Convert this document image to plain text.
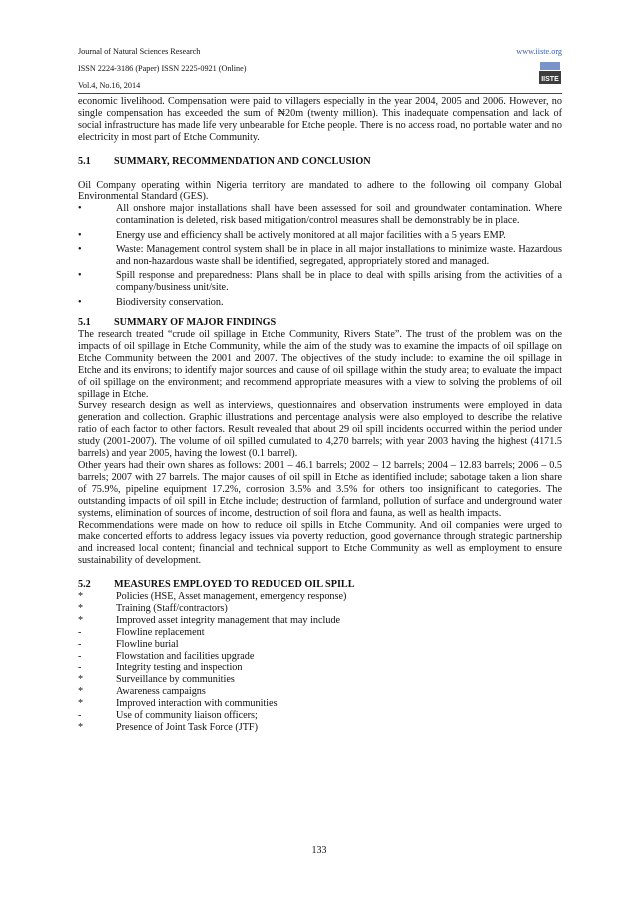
Journal of Natural Sciences Research
ISSN 2224-3186 (Paper) ISSN 2225-0921 (Online)
Vol.4, No.16, 2014
www.iiste.org
IISTE

economic livelihood. Compensation were paid to villagers especially in the year 2004, 2005 and 2006. However, no single compensation has exceeded the sum of ₦20m (twenty million). This inadequate compensation and lack of social infrastructure has made life very unbearable for Etche people. There is no access road, no portable water and no electricity in most part of Etche Community.

5.1	SUMMARY, RECOMMENDATION AND CONCLUSION

Oil Company operating within Nigeria territory are mandated to adhere to the following oil company Global Environmental Standard (GES).

•	All onshore major installations shall have been assessed for soil and groundwater contamination. Where contamination is deleted, risk based mitigation/control measures shall be demonstrably be in place.
•	Energy use and efficiency shall be actively monitored at all major facilities with a 5 years EMP.
•	Waste: Management control system shall be in place in all major installations to minimize waste. Hazardous and non-hazardous waste shall be identified, segregated, appropriately stored and managed.
•	Spill response and preparedness: Plans shall be in place to deal with spills arising from the activities of a company/business unit/site.
•	Biodiversity conservation.
5.1	SUMMARY OF MAJOR FINDINGS

The research treated “crude oil spillage in Etche Community, Rivers State”. The trust of the problem was on the impacts of oil spillage in Etche Community, while the aim of the study was to examine the impacts of oil spillage on Etche Community between the 2001 and 2007. The objectives of the study include: to examine the oil spillage in Etche and its environs; to identify major sources and cause of oil spillage within the study area; to evaluate the impact of oil spillage on the environment; and recommend appropriate measures with a view to solving the problems of oil spillage in Etche.

Survey research design as well as interviews, questionnaires and observation instruments were employed in data generation and collection. Graphic illustrations and percentage analysis were also employed to describe the relative ratio of each factor to other factors. Result revealed that about 29 oil spill incidents occurred within the period under study (2001-2007). The volume of oil spilled cumulated to 4,270 barrels; with year 2003 having the highest (4171.5 barrels) and year 2005, having the lowest (0.1 barrel).

Other years had their own shares as follows: 2001 – 46.1 barrels; 2002 – 12 barrels; 2004 – 12.83 barrels; 2006 – 0.5 barrels; 2007 with 27 barrels. The major causes of oil spill in Etche as identified include; sabotage taken a lion share of 75.9%, pipeline equipment 17.2%, corrosion 3.5% and 3.5% for others too insignificant to categories. The outstanding impacts of oil spill in Etche include; destruction of farmland, pollution of surface and underground water systems, elimination of sources of income, destruction of soil flora and fauna, as well as health impacts.

Recommendations were made on how to reduce oil spills in Etche Community. And oil companies were urged to make concerted efforts to address legacy issues via poverty reduction, good governance through strategic partnership and increased local content; financial and technical support to Etche Community as well as employment to ensure sustainability of development.

5.2	MEASURES EMPLOYED TO REDUCED OIL SPILL
*	Policies (HSE, Asset management, emergency response)
*	Training (Staff/contractors)
*	Improved asset integrity management that may include
-	Flowline replacement
-	Flowline burial
-	Flowstation and facilities upgrade
-	Integrity testing and inspection
*	Surveillance by communities
*	Awareness campaigns
*	Improved interaction with communities
-	Use of community liaison officers;
*	Presence of Joint Task Force (JTF)
133
